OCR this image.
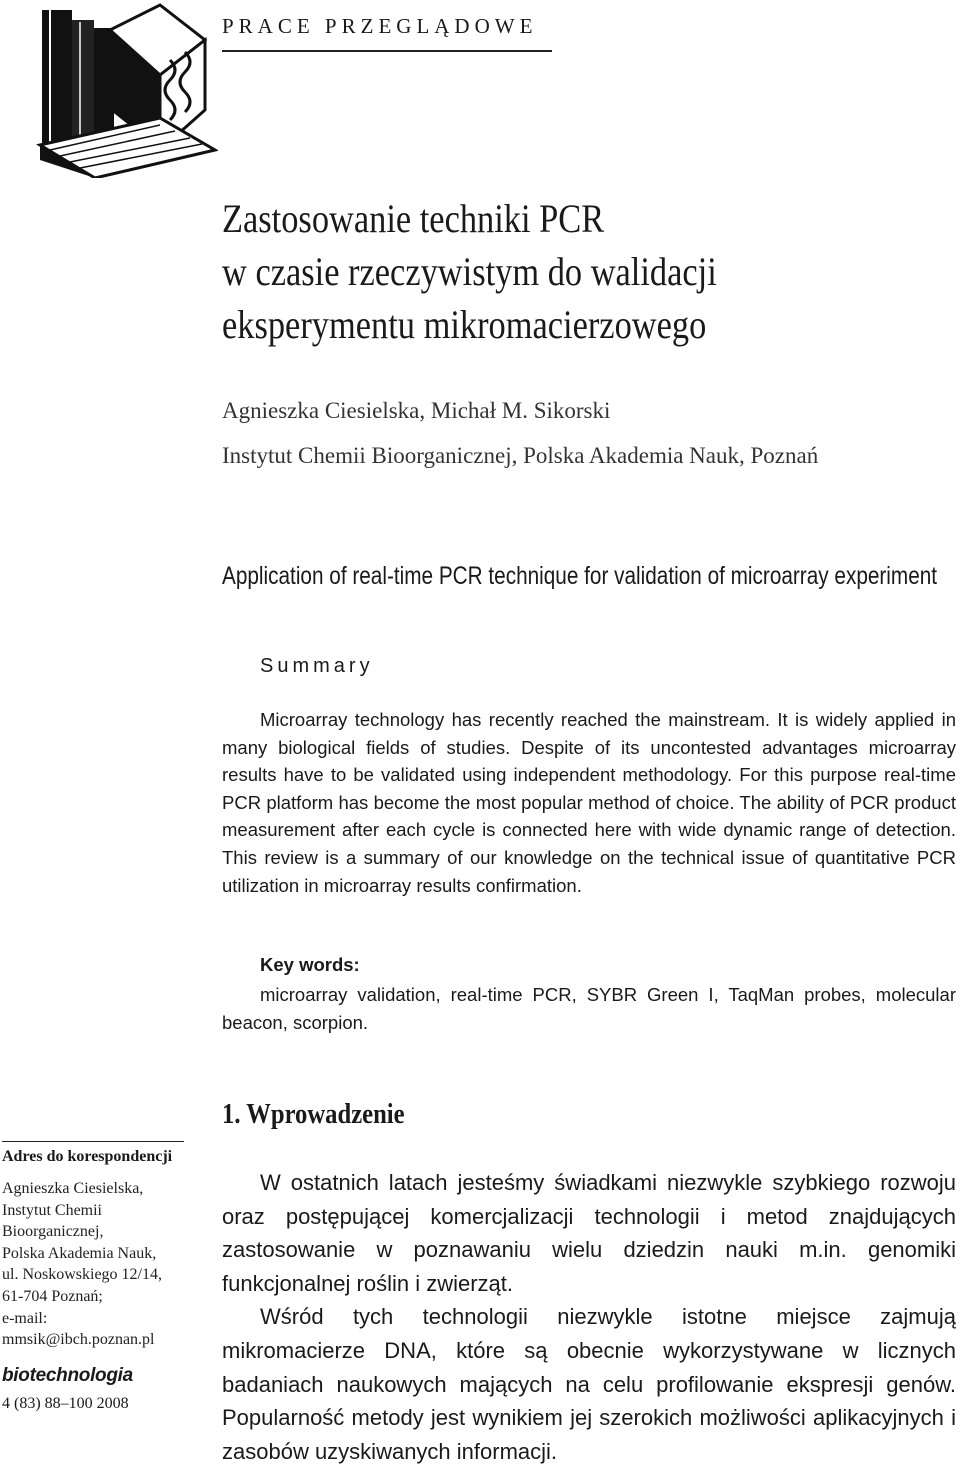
PRACE PRZEGLĄDOWE
Zastosowanie techniki PCR
w czasie rzeczywistym do walidacji
eksperymentu mikromacierzowego
Agnieszka Ciesielska, Michał M. Sikorski
Instytut Chemii Bioorganicznej, Polska Akademia Nauk, Poznań
Application of real-time PCR technique for validation of microarray experiment
Summary

Microarray technology has recently reached the mainstream. It is widely applied in many biological fields of studies. Despite of its uncontested advantages microarray results have to be validated using independent methodology. For this purpose real-time PCR platform has become the most popular method of choice. The ability of PCR product measurement after each cycle is connected here with wide dynamic range of detection. This review is a summary of our knowledge on the technical issue of quantitative PCR utilization in microarray results confirmation.

Key words:

microarray validation, real-time PCR, SYBR Green I, TaqMan probes, molecular beacon, scorpion.

1. Wprowadzenie

W ostatnich latach jesteśmy świadkami niezwykle szybkiego rozwoju oraz postępującej komercjalizacji technologii i metod znajdujących zastosowanie w poznawaniu wielu dziedzin nauki m.in. genomiki funkcjonalnej roślin i zwierząt.

Wśród tych technologii niezwykle istotne miejsce zajmują mikromacierze DNA, które są obecnie wykorzystywane w licznych badaniach naukowych mających na celu profilowanie ekspresji genów. Popularność metody jest wynikiem jej szerokich możliwości aplikacyjnych i zasobów uzyskiwanych informacji.

Adres do korespondencji
Agnieszka Ciesielska,
Instytut Chemii
Bioorganicznej,
Polska Akademia Nauk,
ul. Noskowskiego 12/14,
61-704 Poznań;
e-mail:
mmsik@ibch.poznan.pl
biotechnologia
4 (83) 88–100 2008
